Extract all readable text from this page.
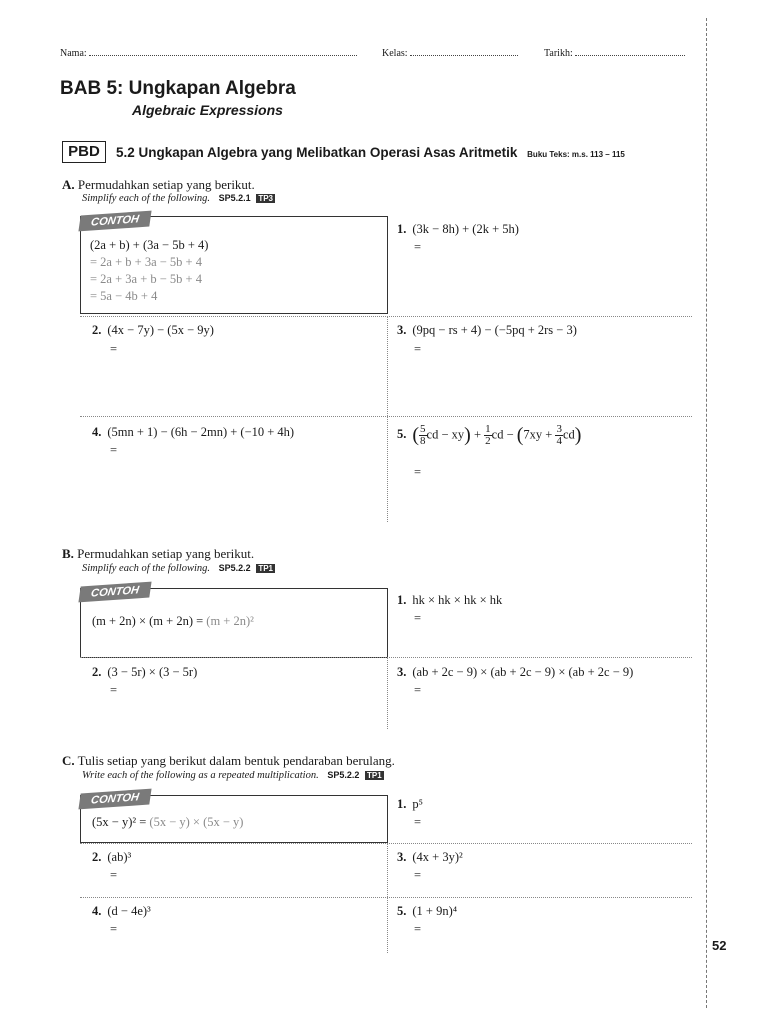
Nama:	Kelas:	Tarikh:
BAB 5: Ungkapan Algebra
Algebraic Expressions
PBD	5.2 Ungkapan Algebra yang Melibatkan Operasi Asas Aritmetik Buku Teks: m.s. 113 – 115
A. Permudahkan setiap yang berikut.
Simplify each of the following. SP5.2.1 TP3
CONTOH
(2a + b) + (3a − 5b + 4)
= 2a + b + 3a − 5b + 4
= 2a + 3a + b − 5b + 4
= 5a − 4b + 4
1. (3k − 8h) + (2k + 5h)
=
2. (4x − 7y) − (5x − 9y)
=
3. (9pq − rs + 4) − (−5pq + 2rs − 3)
=
4. (5mn + 1) − (6h − 2mn) + (−10 + 4h)
=
5. ( $\frac{5}{8}$ cd − $xy) + \frac{1}{2}$ cd − $(7xy + \frac{3}{4} cd)$
=
B. Permudahkan setiap yang berikut.
Simplify each of the following. SP5.2.2 TP1
CONTOH
(m + 2n) × (m + 2n) = (m + 2n)²
1. hk × hk × hk × hk
=
2. (3 − 5r) × (3 − 5r)
=
3. (ab + 2c − 9) × (ab + 2c − 9) × (ab + 2c − 9)
=
C. Tulis setiap yang berikut dalam bentuk pendaraban berulang.
Write each of the following as a repeated multiplication. SP5.2.2 TP1
CONTOH
(5x − y)² = (5x − y) × (5x − y)
1. p⁵
=
2. (ab)³
=
3. (4x + 3y)²
=
4. (d − 4e)³
=
5. (1 + 9n)⁴
=
52
